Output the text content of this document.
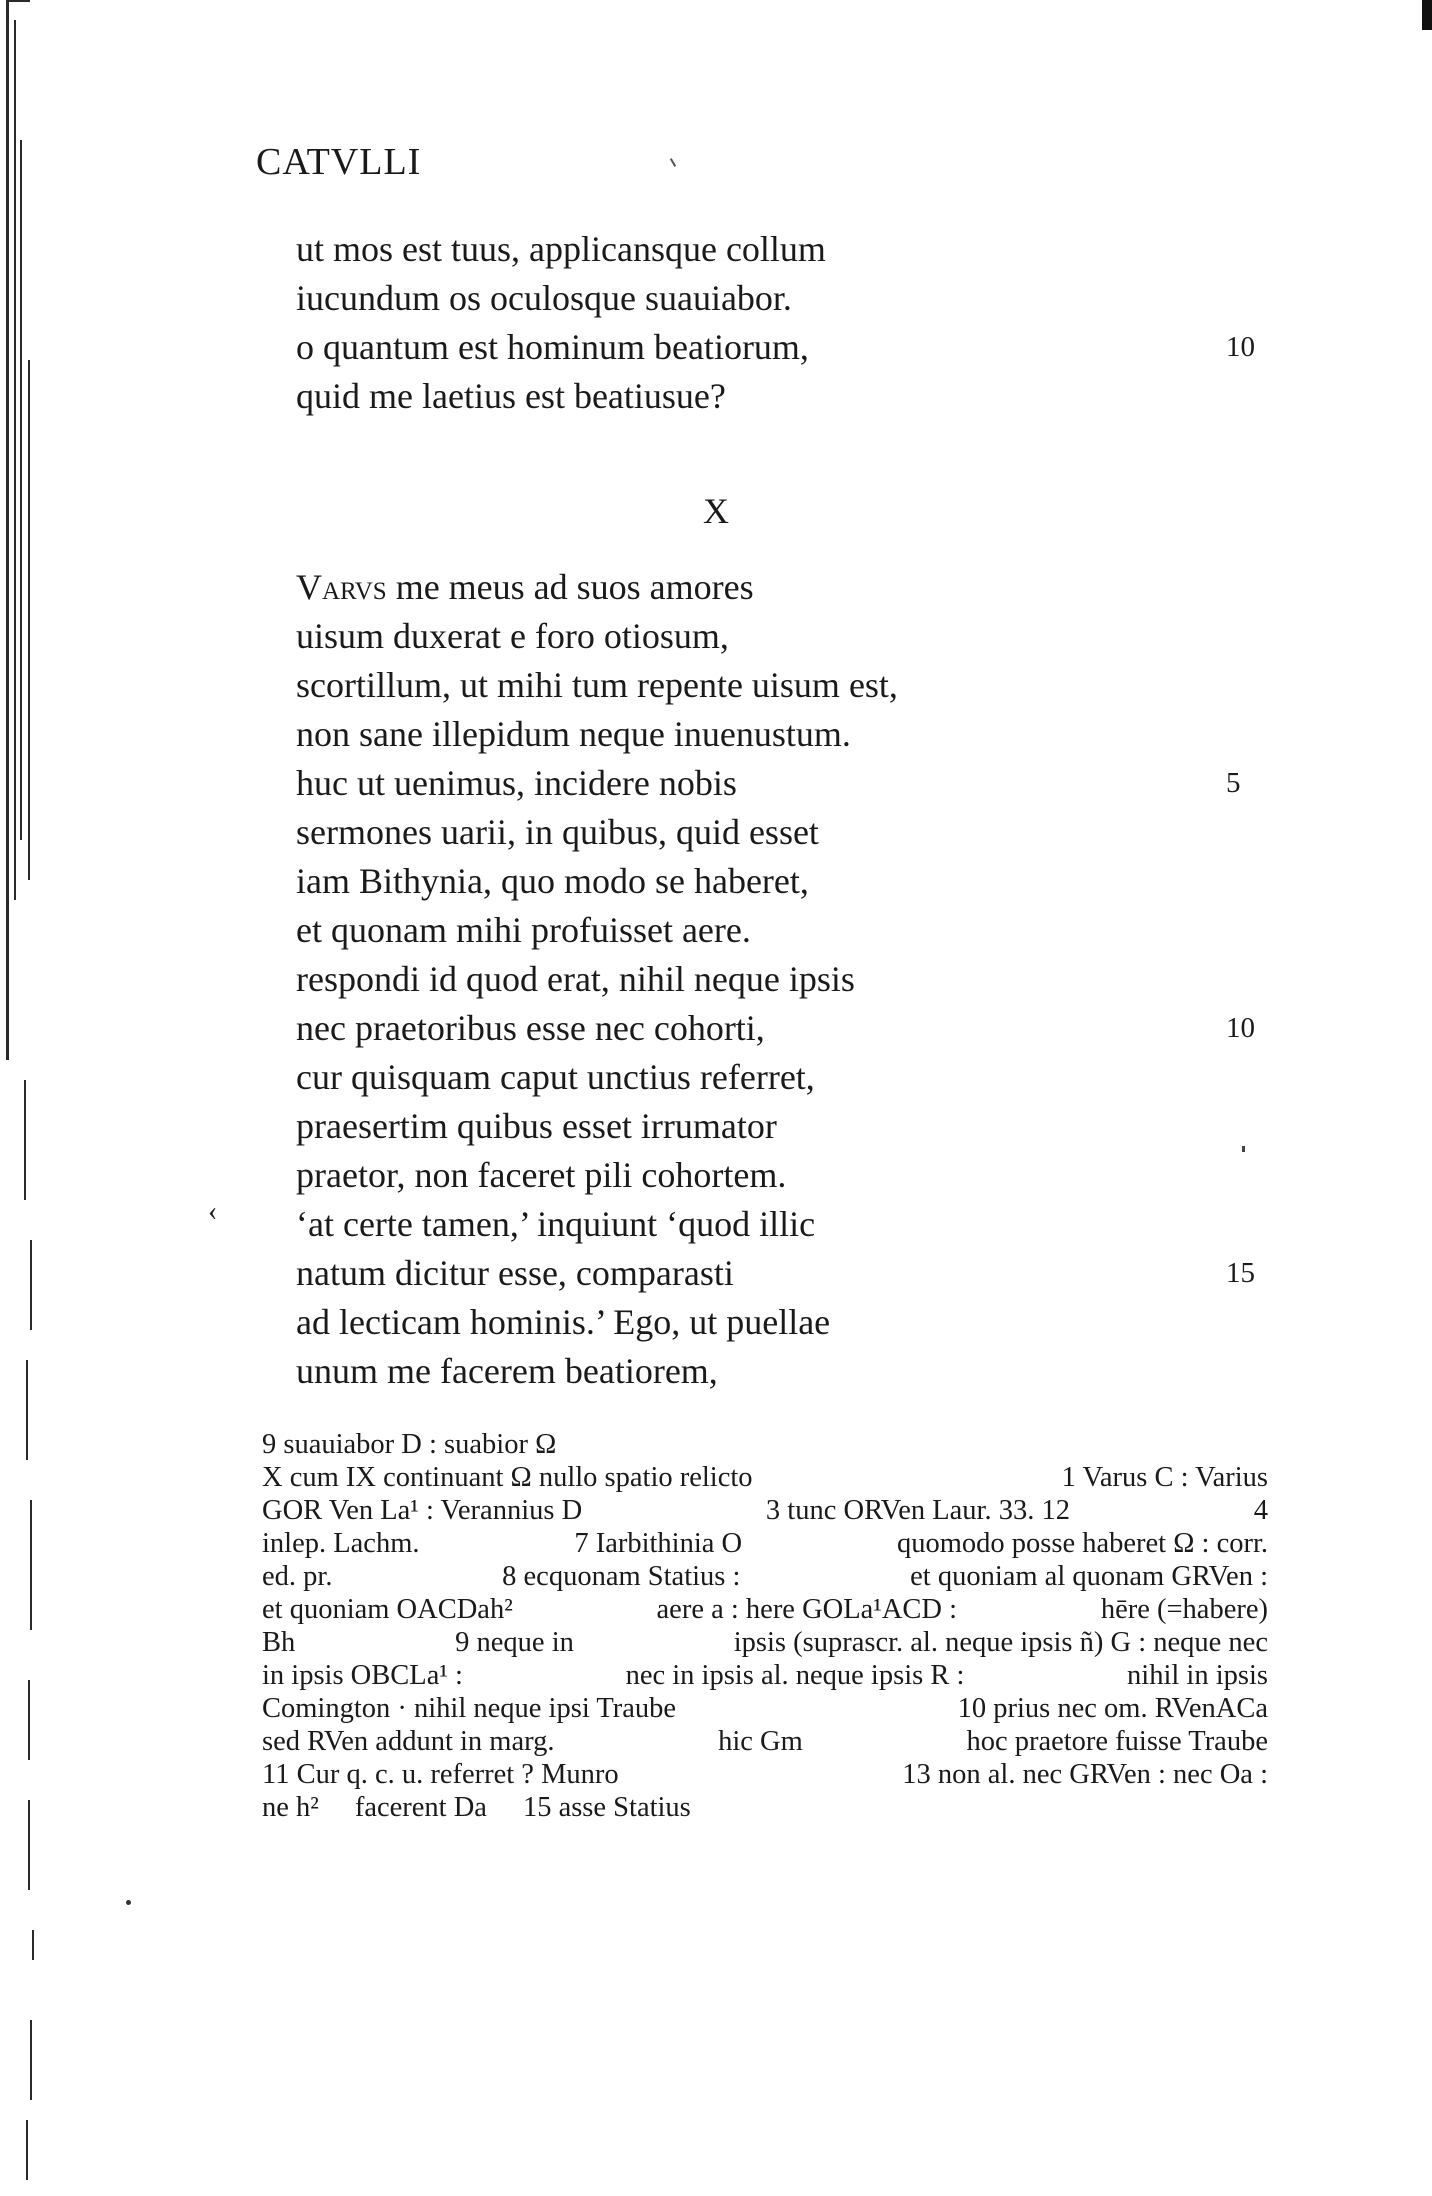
CATVLLI
ut mos est tuus, applicansque collum
iucundum os oculosque suauiabor.
o quantum est hominum beatiorum,	10
quid me laetius est beatiusue?
X
Varvs me meus ad suos amores
uisum duxerat e foro otiosum,
scortillum, ut mihi tum repente uisum est,
non sane illepidum neque inuenustum.
huc ut uenimus, incidere nobis	5
sermones uarii, in quibus, quid esset
iam Bithynia, quo modo se haberet,
et quonam mihi profuisset aere.
respondi id quod erat, nihil neque ipsis
nec praetoribus esse nec cohorti,	10
cur quisquam caput unctius referret,
praesertim quibus esset irrumator
praetor, non faceret pili cohortem.
‘at certe tamen,’ inquiunt ‘quod illic
natum dicitur esse, comparasti	15
ad lecticam hominis.’ Ego, ut puellae
unum me facerem beatiorem,
‹
9 suauiabor D : suabior Ω
X cum IX continuant Ω nullo spatio relicto	1 Varus C : Varius
GOR Ven La¹ : Verannius D	3 tunc ORVen Laur. 33. 12	4
inlep. Lachm.	7 Iarbithinia O	quomodo posse haberet Ω : corr.
ed. pr.	8 ecquonam Statius :	et quoniam al quonam GRVen :
et quoniam OACDah²	aere a : here GOLa¹ACD :	hēre (=habere)
Bh	9 neque in	ipsis (suprascr. al. neque ipsis ñ) G : neque nec
in ipsis OBCLa¹ :	nec in ipsis al. neque ipsis R :	nihil in ipsis
Comington · nihil neque ipsi Traube	10 prius nec om. RVenACa
sed RVen addunt in marg.	hic Gm	hoc praetore fuisse Traube
11 Cur q. c. u. referret ? Munro	13 non al. nec GRVen : nec Oa :
ne h² facerent Da 15 asse Statius
